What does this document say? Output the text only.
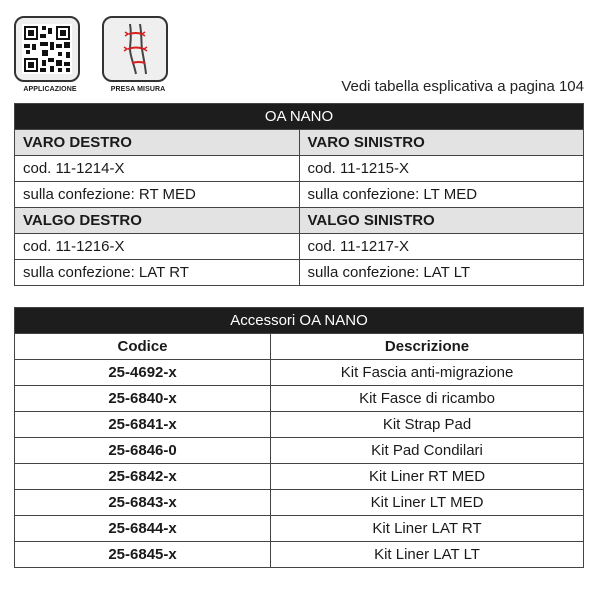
APPLICAZIONE	PRESA MISURA	Vedi tabella esplicativa a pagina 104
OA NANO	
VARO DESTRO	VARO SINISTRO
cod. 11-1214-X	cod. 11-1215-X
sulla confezione: RT MED	sulla confezione: LT MED
VALGO DESTRO	VALGO SINISTRO
cod. 11-1216-X	cod. 11-1217-X
sulla confezione: LAT RT	sulla confezione: LAT LT
Accessori OA NANO	
Codice	Descrizione
25-4692-x	Kit Fascia anti-migrazione
25-6840-x	Kit Fasce di ricambo
25-6841-x	Kit Strap Pad
25-6846-0	Kit Pad Condilari
25-6842-x	Kit Liner RT MED
25-6843-x	Kit Liner LT MED
25-6844-x	Kit Liner LAT RT
25-6845-x	Kit Liner LAT LT
